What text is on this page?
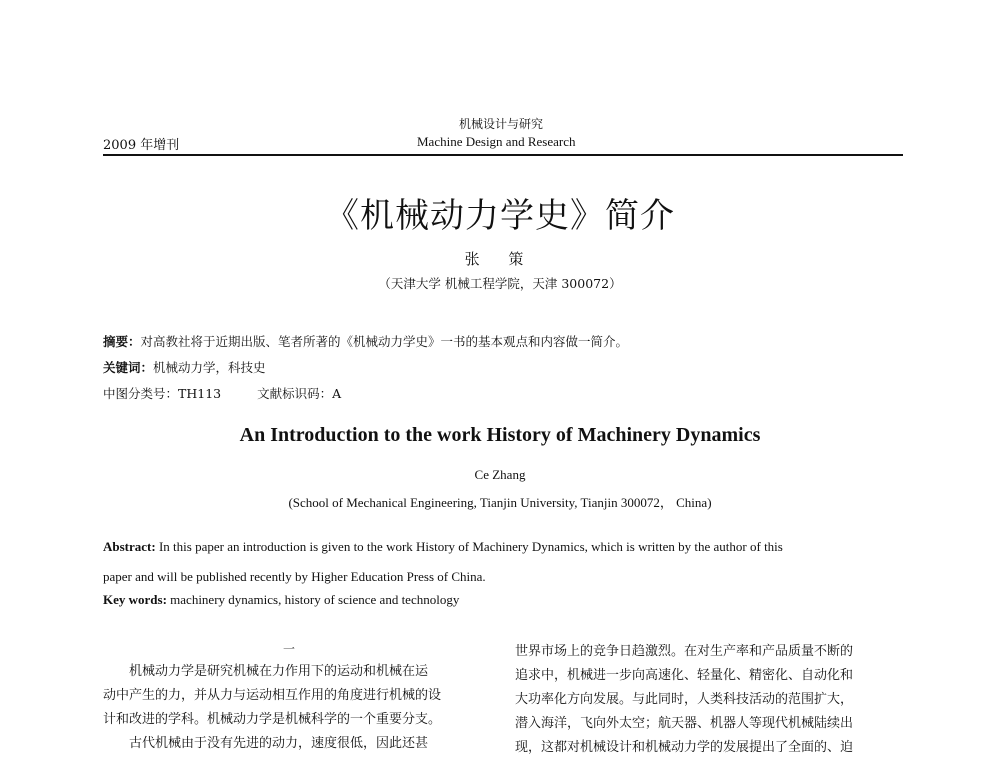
机械设计与研究
2009 年增刊	Machine Design and Research
《机械动力学史》简介
张 策
（天津大学 机械工程学院，天津 300072）
摘要：对高教社将于近期出版、笔者所著的《机械动力学史》一书的基本观点和内容做一简介。
关键词：机械动力学，科技史
中图分类号：TH113	文献标识码：A
An Introduction to the work History of Machinery Dynamics
Ce Zhang
(School of Mechanical Engineering, Tianjin University, Tianjin 300072， China)
Abstract: In this paper an introduction is given to the work History of Machinery Dynamics, which is written by the author of this
paper and will be published recently by Higher Education Press of China.
Key words: machinery dynamics, history of science and technology
一

机械动力学是研究机械在力作用下的运动和机械在运

动中产生的力，并从力与运动相互作用的角度进行机械的设

计和改进的学科。机械动力学是机械科学的一个重要分支。

古代机械由于没有先进的动力，速度很低，因此还甚

世界市场上的竞争日趋激烈。在对生产率和产品质量不断的

追求中，机械进一步向高速化、轻量化、精密化、自动化和

大功率化方向发展。与此同时，人类科技活动的范围扩大，

潜入海洋，飞向外太空；航天器、机器人等现代机械陆续出

现，这都对机械设计和机械动力学的发展提出了全面的、迫
